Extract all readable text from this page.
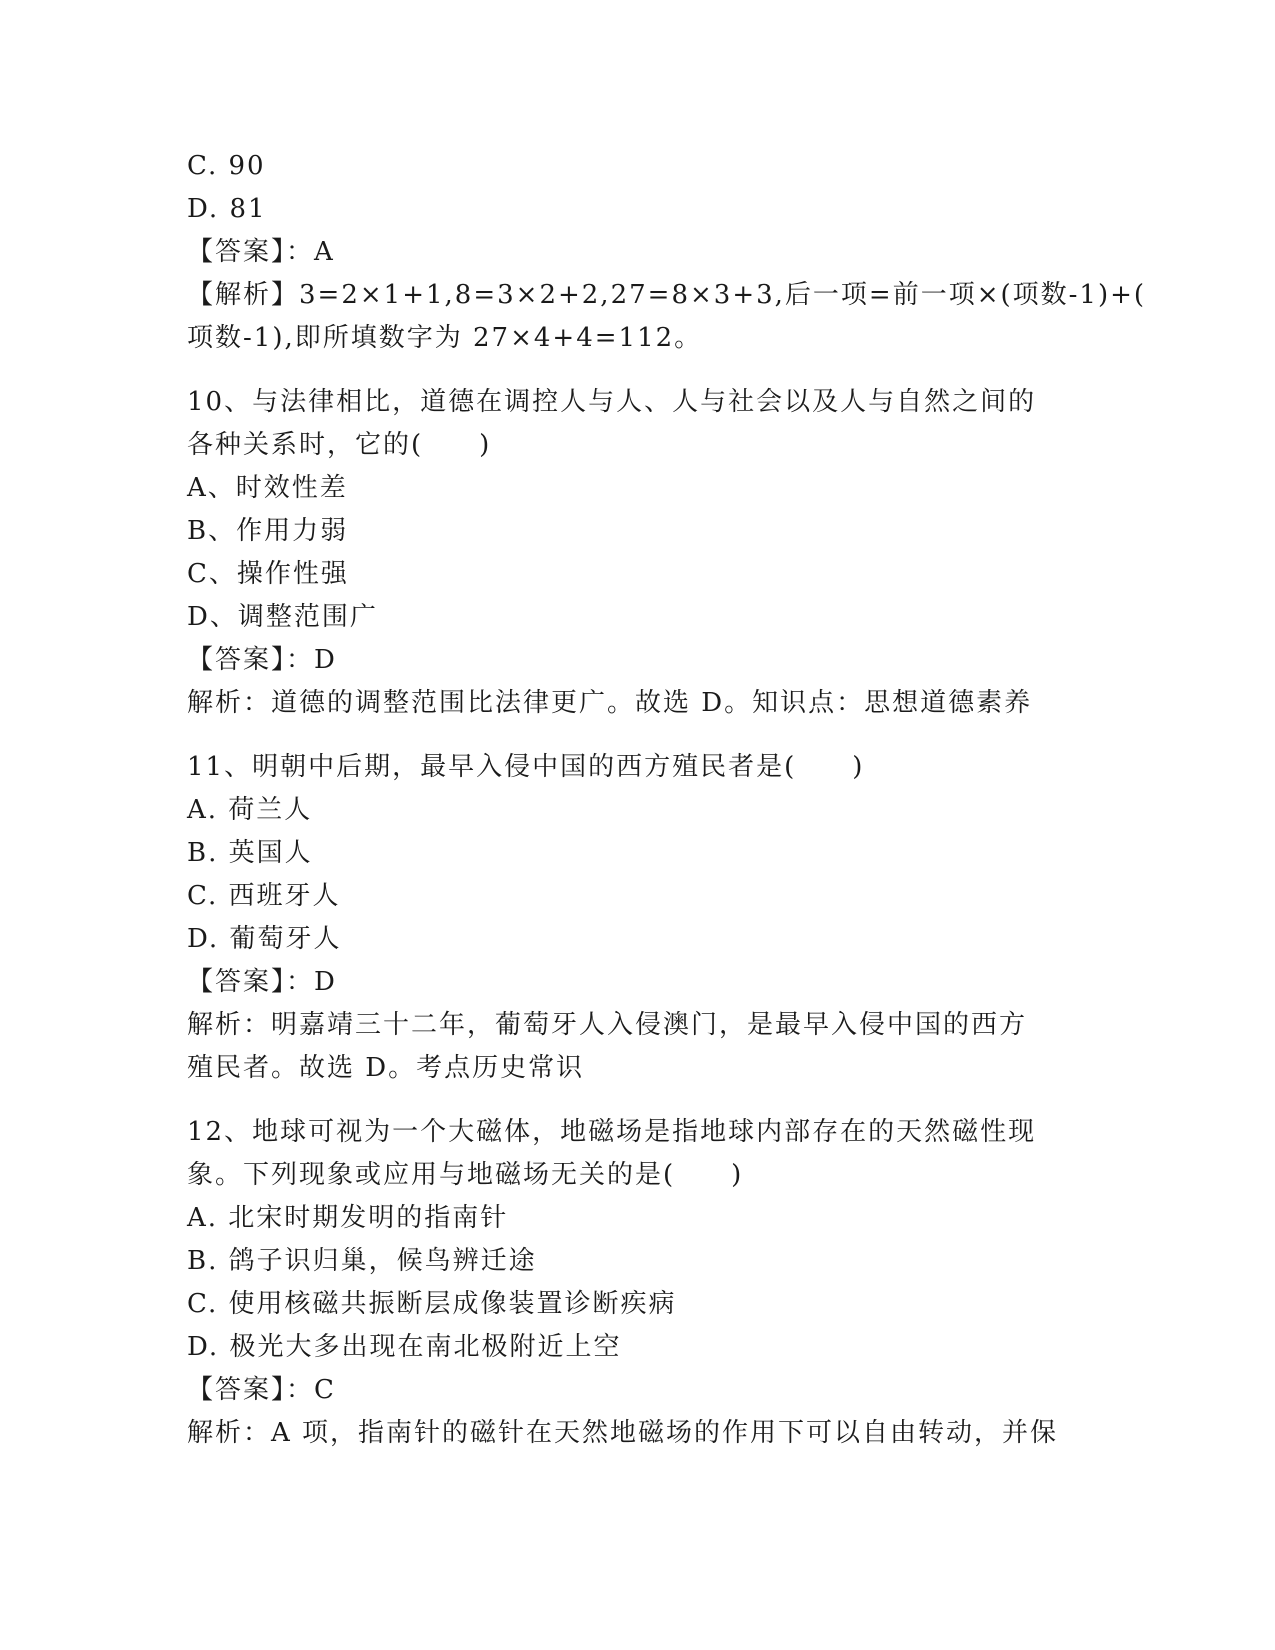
C. 90
D. 81
【答案】：A
【解析】3=2×1+1,8=3×2+2,27=8×3+3,后一项=前一项×(项数-1)+(
项数-1),即所填数字为 27×4+4=112。
10、与法律相比，道德在调控人与人、人与社会以及人与自然之间的
各种关系时，它的(　　)
A、时效性差
B、作用力弱
C、操作性强
D、调整范围广
【答案】：D
解析：道德的调整范围比法律更广。故选 D。知识点：思想道德素养
11、明朝中后期，最早入侵中国的西方殖民者是(　　)
A. 荷兰人
B. 英国人
C. 西班牙人
D. 葡萄牙人
【答案】：D
解析：明嘉靖三十二年，葡萄牙人入侵澳门，是最早入侵中国的西方
殖民者。故选 D。考点历史常识
12、地球可视为一个大磁体，地磁场是指地球内部存在的天然磁性现
象。下列现象或应用与地磁场无关的是(　　)
A. 北宋时期发明的指南针
B. 鸽子识归巢，候鸟辨迁途
C. 使用核磁共振断层成像装置诊断疾病
D. 极光大多出现在南北极附近上空
【答案】：C
解析：A 项，指南针的磁针在天然地磁场的作用下可以自由转动，并保
